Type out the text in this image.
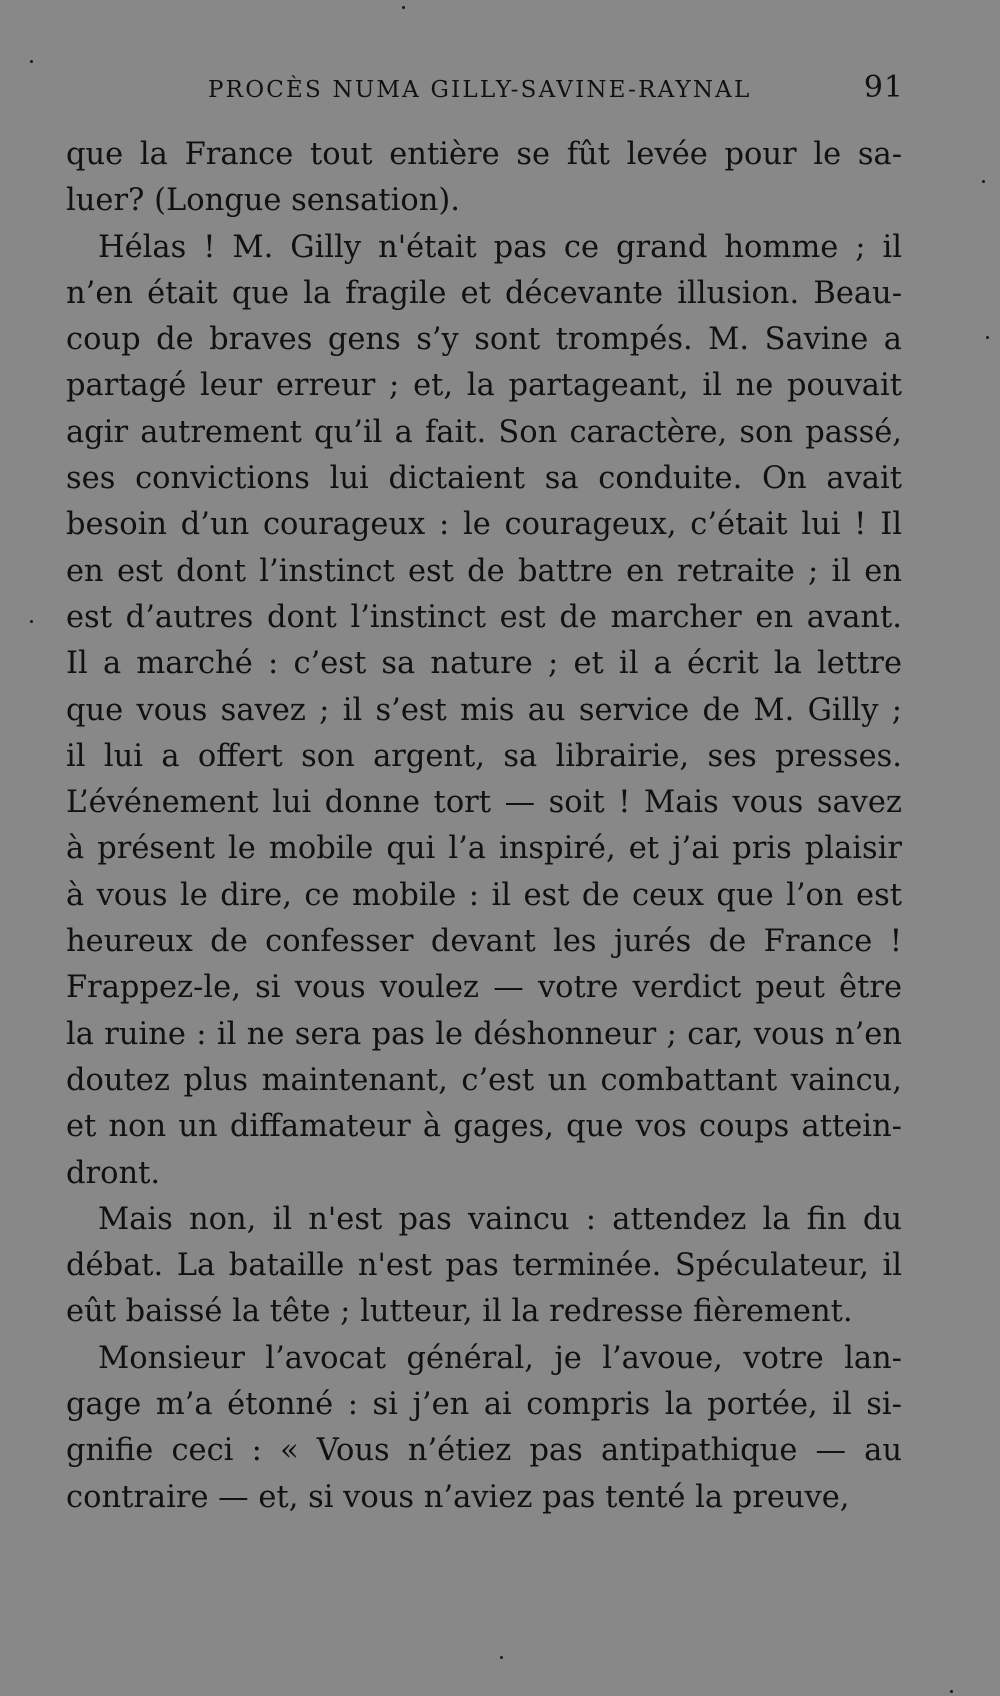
PROCÈS NUMA GILLY-SAVINE-RAYNAL	91
que la France tout entière se fût levée pour le sa-
luer? (Longue sensation).
Hélas ! M. Gilly n'était pas ce grand homme ; il
n’en était que la fragile et décevante illusion. Beau-
coup de braves gens s’y sont trompés. M. Savine a
partagé leur erreur ; et, la partageant, il ne pouvait
agir autrement qu’il a fait. Son caractère, son passé,
ses convictions lui dictaient sa conduite. On avait
besoin d’un courageux : le courageux, c’était lui ! Il
en est dont l’instinct est de battre en retraite ; il en
est d’autres dont l’instinct est de marcher en avant.
Il a marché : c’est sa nature ; et il a écrit la lettre
que vous savez ; il s’est mis au service de M. Gilly ;
il lui a offert son argent, sa librairie, ses presses.
L’événement lui donne tort — soit ! Mais vous savez
à présent le mobile qui l’a inspiré, et j’ai pris plaisir
à vous le dire, ce mobile : il est de ceux que l’on est
heureux de confesser devant les jurés de France !
Frappez-le, si vous voulez — votre verdict peut être
la ruine : il ne sera pas le déshonneur ; car, vous n’en
doutez plus maintenant, c’est un combattant vaincu,
et non un diffamateur à gages, que vos coups attein-
dront.
Mais non, il n'est pas vaincu : attendez la fin du
débat. La bataille n'est pas terminée. Spéculateur, il
eût baissé la tête ; lutteur, il la redresse fièrement.
Monsieur l’avocat général, je l’avoue, votre lan-
gage m’a étonné : si j’en ai compris la portée, il si-
gnifie ceci : « Vous n’étiez pas antipathique — au
contraire — et, si vous n’aviez pas tenté la preuve,
